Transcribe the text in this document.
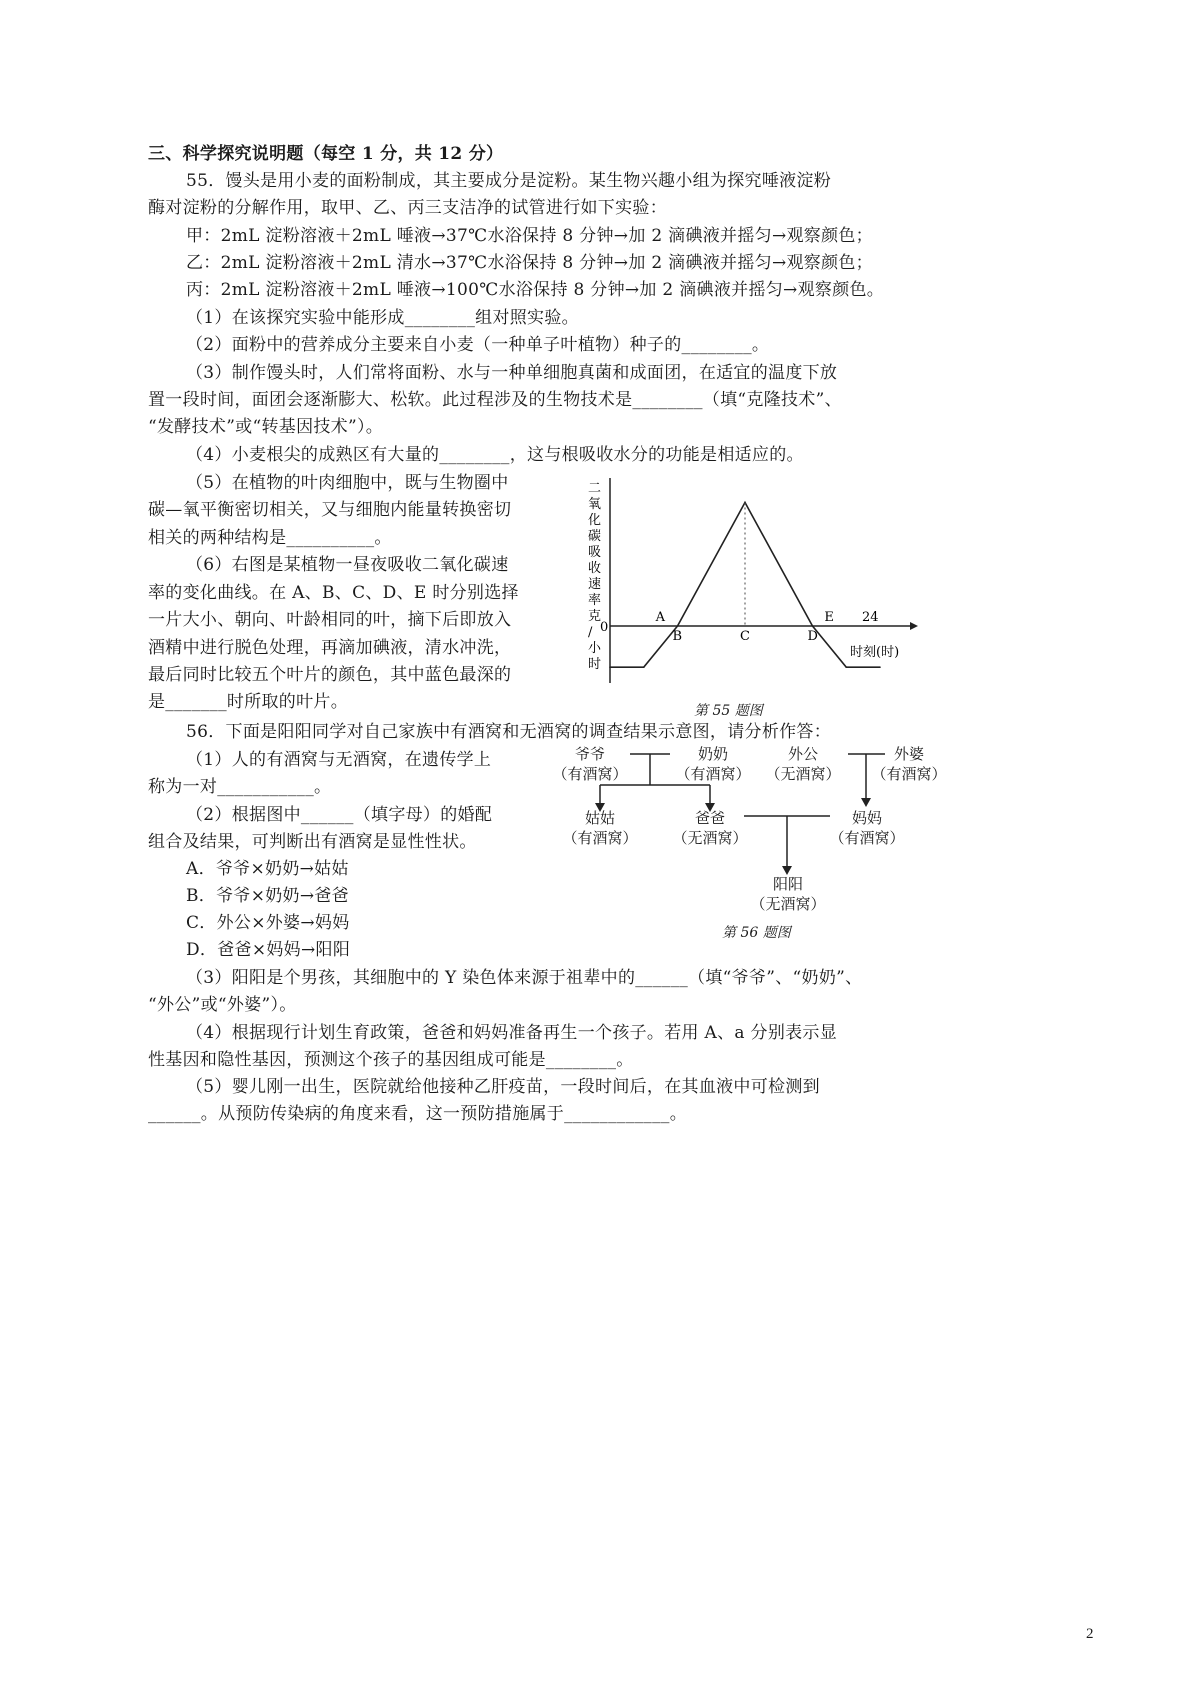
三、科学探究说明题（每空 1 分，共 12 分）
55．馒头是用小麦的面粉制成，其主要成分是淀粉。某生物兴趣小组为探究唾液淀粉
酶对淀粉的分解作用，取甲、乙、丙三支洁净的试管进行如下实验：
甲：2mL 淀粉溶液＋2mL 唾液→37℃水浴保持 8 分钟→加 2 滴碘液并摇匀→观察颜色；
乙：2mL 淀粉溶液＋2mL 清水→37℃水浴保持 8 分钟→加 2 滴碘液并摇匀→观察颜色；
丙：2mL 淀粉溶液＋2mL 唾液→100℃水浴保持 8 分钟→加 2 滴碘液并摇匀→观察颜色。
（1）在该探究实验中能形成________组对照实验。
（2）面粉中的营养成分主要来自小麦（一种单子叶植物）种子的________。
（3）制作馒头时，人们常将面粉、水与一种单细胞真菌和成面团，在适宜的温度下放
置一段时间，面团会逐渐膨大、松软。此过程涉及的生物技术是________（填“克隆技术”、
“发酵技术”或“转基因技术”）。
（4）小麦根尖的成熟区有大量的________，这与根吸收水分的功能是相适应的。
（5）在植物的叶肉细胞中，既与生物圈中
碳—氧平衡密切相关，又与细胞内能量转换密切
相关的两种结构是__________。
（6）右图是某植物一昼夜吸收二氧化碳速
率的变化曲线。在 A、B、C、D、E 时分别选择
一片大小、朝向、叶龄相同的叶，摘下后即放入
酒精中进行脱色处理，再滴加碘液，清水冲洗，
最后同时比较五个叶片的颜色，其中蓝色最深的
是_______时所取的叶片。
二
氧
化
碳
吸
收
速
率
克
/
小
时
0
A
B	C	D
E 24
时刻(时)
第 55 题图
56．下面是阳阳同学对自己家族中有酒窝和无酒窝的调查结果示意图，请分析作答：
（1）人的有酒窝与无酒窝，在遗传学上
称为一对___________。
（2）根据图中______（填字母）的婚配
组合及结果，可判断出有酒窝是显性性状。
A．爷爷×奶奶→姑姑
B．爷爷×奶奶→爸爸
C．外公×外婆→妈妈
D．爸爸×妈妈→阳阳
（3）阳阳是个男孩，其细胞中的 Y 染色体来源于祖辈中的______（填“爷爷”、“奶奶”、
“外公”或“外婆”）。
（4）根据现行计划生育政策，爸爸和妈妈准备再生一个孩子。若用 A、a 分别表示显
性基因和隐性基因，预测这个孩子的基因组成可能是________。
（5）婴儿刚一出生，医院就给他接种乙肝疫苗，一段时间后，在其血液中可检测到
______。从预防传染病的角度来看，这一预防措施属于____________。
爷爷
（有酒窝）
奶奶
（有酒窝）
外公
（无酒窝）
外婆
（有酒窝）
姑姑
（有酒窝）
爸爸
（无酒窝）
妈妈
（有酒窝）
阳阳
（无酒窝）
第 56 题图
2
